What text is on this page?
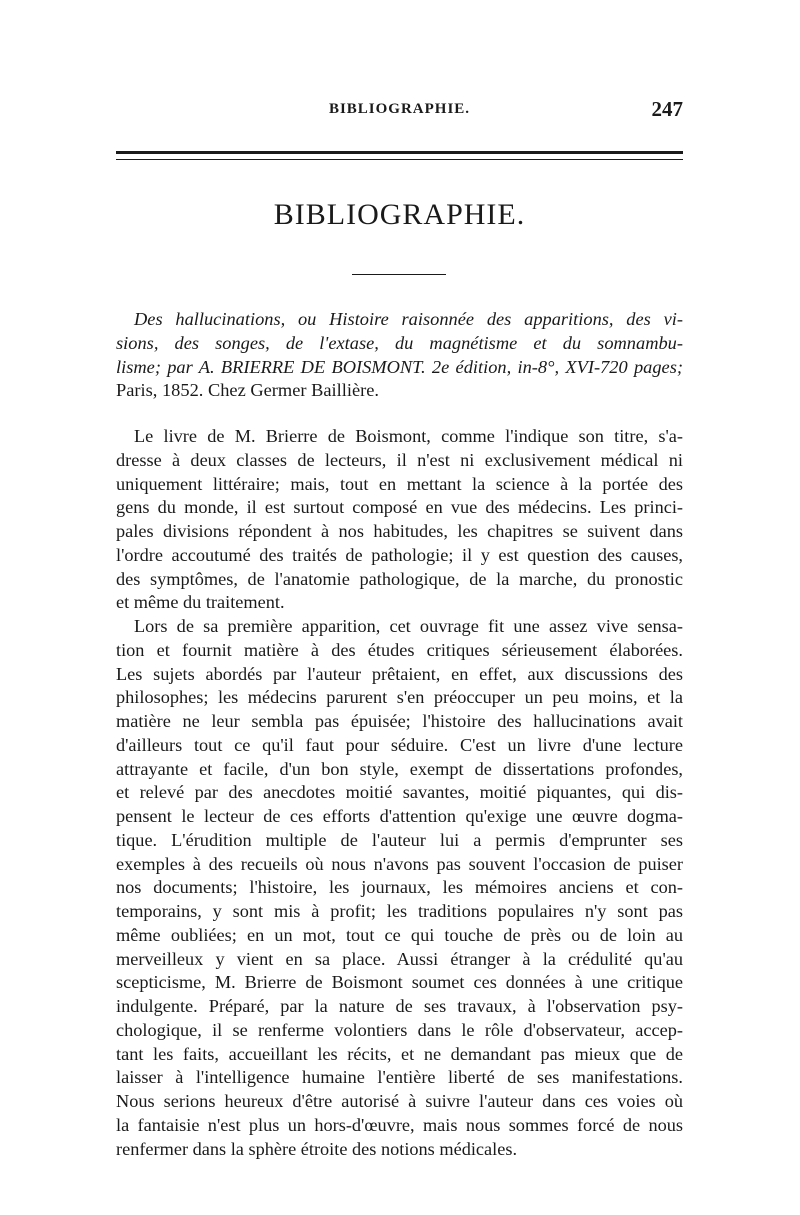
BIBLIOGRAPHIE.	247
BIBLIOGRAPHIE.
Des hallucinations, ou Histoire raisonnée des apparitions, des vi-
sions, des songes, de l'extase, du magnétisme et du somnambu-
lisme; par A. BRIERRE DE BOISMONT. 2e édition, in-8°, XVI-720 pages;
Paris, 1852. Chez Germer Baillière.
Le livre de M. Brierre de Boismont, comme l'indique son titre, s'a-
dresse à deux classes de lecteurs, il n'est ni exclusivement médical ni
uniquement littéraire; mais, tout en mettant la science à la portée des
gens du monde, il est surtout composé en vue des médecins. Les princi-
pales divisions répondent à nos habitudes, les chapitres se suivent dans
l'ordre accoutumé des traités de pathologie; il y est question des causes,
des symptômes, de l'anatomie pathologique, de la marche, du pronostic
et même du traitement.
Lors de sa première apparition, cet ouvrage fit une assez vive sensa-
tion et fournit matière à des études critiques sérieusement élaborées.
Les sujets abordés par l'auteur prêtaient, en effet, aux discussions des
philosophes; les médecins parurent s'en préoccuper un peu moins, et la
matière ne leur sembla pas épuisée; l'histoire des hallucinations avait
d'ailleurs tout ce qu'il faut pour séduire. C'est un livre d'une lecture
attrayante et facile, d'un bon style, exempt de dissertations profondes,
et relevé par des anecdotes moitié savantes, moitié piquantes, qui dis-
pensent le lecteur de ces efforts d'attention qu'exige une œuvre dogma-
tique. L'érudition multiple de l'auteur lui a permis d'emprunter ses
exemples à des recueils où nous n'avons pas souvent l'occasion de puiser
nos documents; l'histoire, les journaux, les mémoires anciens et con-
temporains, y sont mis à profit; les traditions populaires n'y sont pas
même oubliées; en un mot, tout ce qui touche de près ou de loin au
merveilleux y vient en sa place. Aussi étranger à la crédulité qu'au
scepticisme, M. Brierre de Boismont soumet ces données à une critique
indulgente. Préparé, par la nature de ses travaux, à l'observation psy-
chologique, il se renferme volontiers dans le rôle d'observateur, accep-
tant les faits, accueillant les récits, et ne demandant pas mieux que de
laisser à l'intelligence humaine l'entière liberté de ses manifestations.
Nous serions heureux d'être autorisé à suivre l'auteur dans ces voies où
la fantaisie n'est plus un hors-d'œuvre, mais nous sommes forcé de nous
renfermer dans la sphère étroite des notions médicales.
